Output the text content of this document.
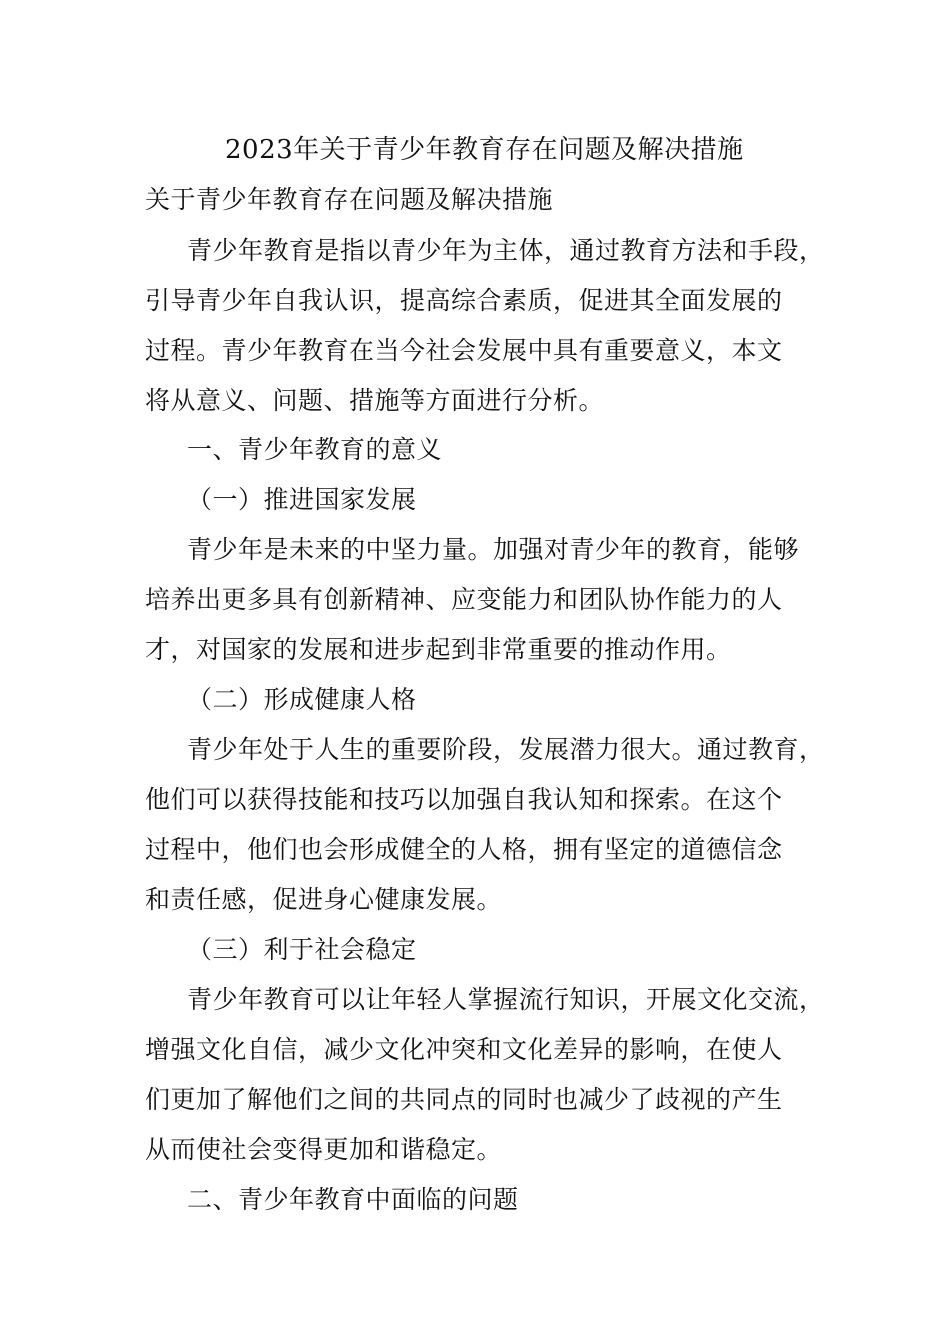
2023年关于青少年教育存在问题及解决措施
关于青少年教育存在问题及解决措施
青少年教育是指以青少年为主体，通过教育方法和手段，
引导青少年自我认识，提高综合素质，促进其全面发展的
过程。青少年教育在当今社会发展中具有重要意义，本文
将从意义、问题、措施等方面进行分析。
一、青少年教育的意义
（一）推进国家发展
青少年是未来的中坚力量。加强对青少年的教育，能够
培养出更多具有创新精神、应变能力和团队协作能力的人
才，对国家的发展和进步起到非常重要的推动作用。
（二）形成健康人格
青少年处于人生的重要阶段，发展潜力很大。通过教育，
他们可以获得技能和技巧以加强自我认知和探索。在这个
过程中，他们也会形成健全的人格，拥有坚定的道德信念
和责任感，促进身心健康发展。
（三）利于社会稳定
青少年教育可以让年轻人掌握流行知识，开展文化交流，
增强文化自信，减少文化冲突和文化差异的影响，在使人
们更加了解他们之间的共同点的同时也减少了歧视的产生
从而使社会变得更加和谐稳定。
二、青少年教育中面临的问题
